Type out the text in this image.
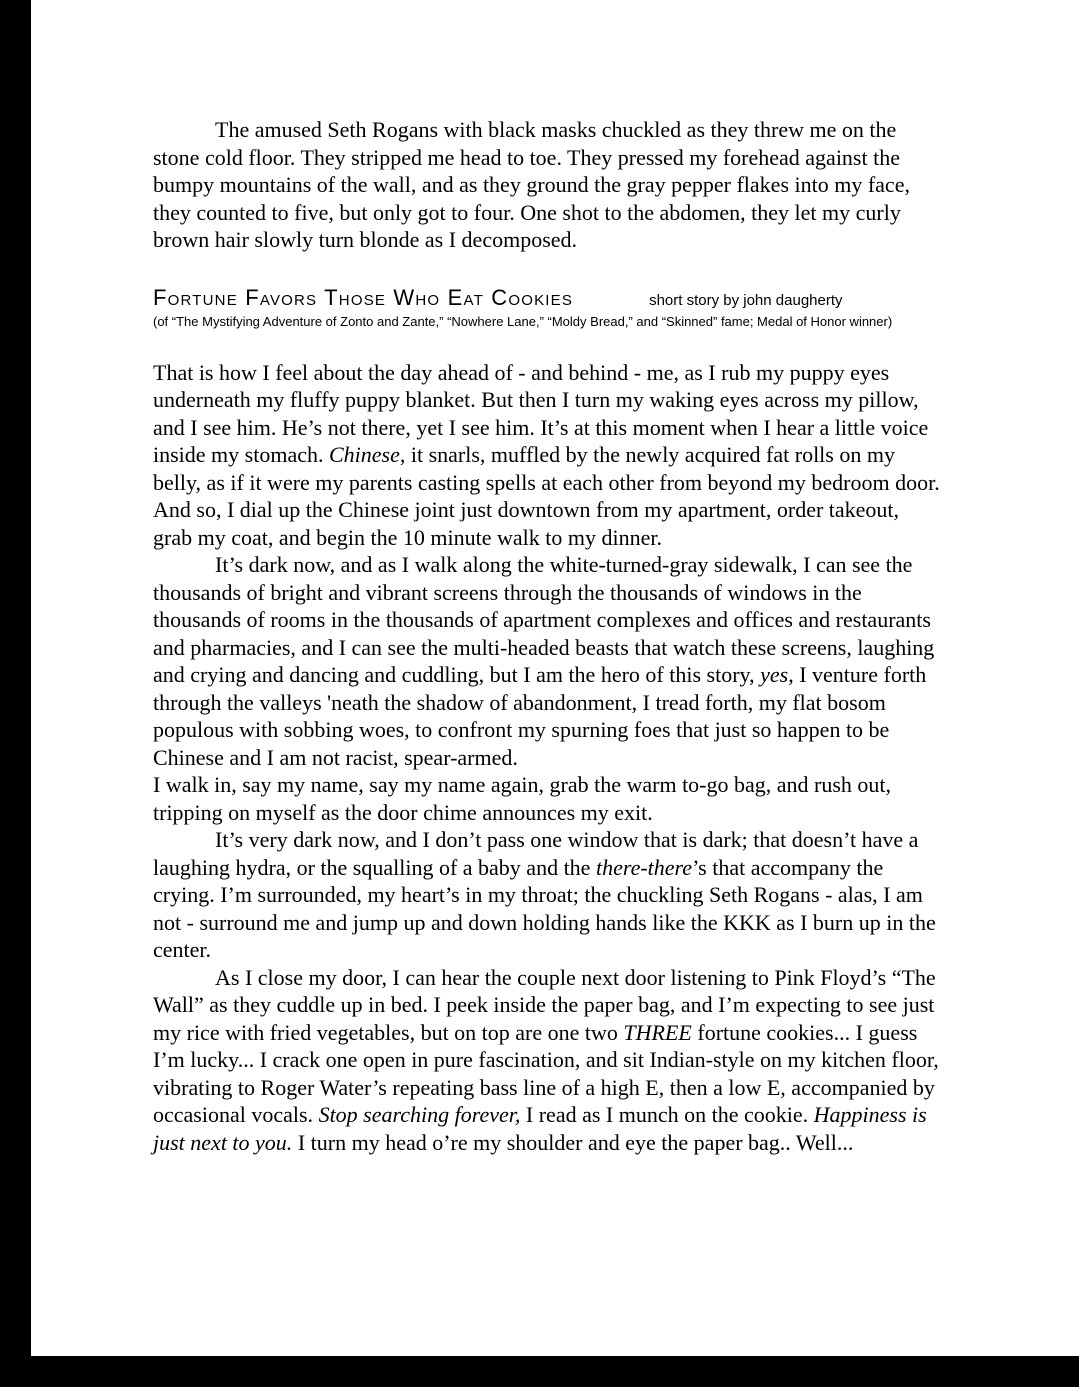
The amused Seth Rogans with black masks chuckled as they threw me on the stone cold floor. They stripped me head to toe. They pressed my forehead against the bumpy mountains of the wall, and as they ground the gray pepper flakes into my face, they counted to five, but only got to four. One shot to the abdomen, they let my curly brown hair slowly turn blonde as I decomposed.

Fortune Favors Those Who Eat Cookies	short story by john daugherty
(of “The Mystifying Adventure of Zonto and Zante,” “Nowhere Lane,” “Moldy Bread,” and “Skinned” fame; Medal of Honor winner)

That is how I feel about the day ahead of - and behind - me, as I rub my puppy eyes underneath my fluffy puppy blanket. But then I turn my waking eyes across my pillow, and I see him. He’s not there, yet I see him. It’s at this moment when I hear a little voice inside my stomach. Chinese, it snarls, muffled by the newly acquired fat rolls on my belly, as if it were my parents casting spells at each other from beyond my bedroom door. And so, I dial up the Chinese joint just downtown from my apartment, order takeout, grab my coat, and begin the 10 minute walk to my dinner.

It’s dark now, and as I walk along the white-turned-gray sidewalk, I can see the thousands of bright and vibrant screens through the thousands of windows in the thousands of rooms in the thousands of apartment complexes and offices and restaurants and pharmacies, and I can see the multi-headed beasts that watch these screens, laughing and crying and dancing and cuddling, but I am the hero of this story, yes, I venture forth through the valleys 'neath the shadow of abandonment, I tread forth, my flat bosom populous with sobbing woes, to confront my spurning foes that just so happen to be Chinese and I am not racist, spear-armed.

I walk in, say my name, say my name again, grab the warm to-go bag, and rush out, tripping on myself as the door chime announces my exit.

It’s very dark now, and I don’t pass one window that is dark; that doesn’t have a laughing hydra, or the squalling of a baby and the there-there’s that accompany the crying. I’m surrounded, my heart’s in my throat; the chuckling Seth Rogans - alas, I am not - surround me and jump up and down holding hands like the KKK as I burn up in the center.

As I close my door, I can hear the couple next door listening to Pink Floyd’s “The Wall” as they cuddle up in bed. I peek inside the paper bag, and I’m expecting to see just my rice with fried vegetables, but on top are one two THREE fortune cookies... I guess I’m lucky... I crack one open in pure fascination, and sit Indian-style on my kitchen floor, vibrating to Roger Water’s repeating bass line of a high E, then a low E, accompanied by occasional vocals. Stop searching forever, I read as I munch on the cookie. Happiness is just next to you. I turn my head o’re my shoulder and eye the paper bag.. Well...
